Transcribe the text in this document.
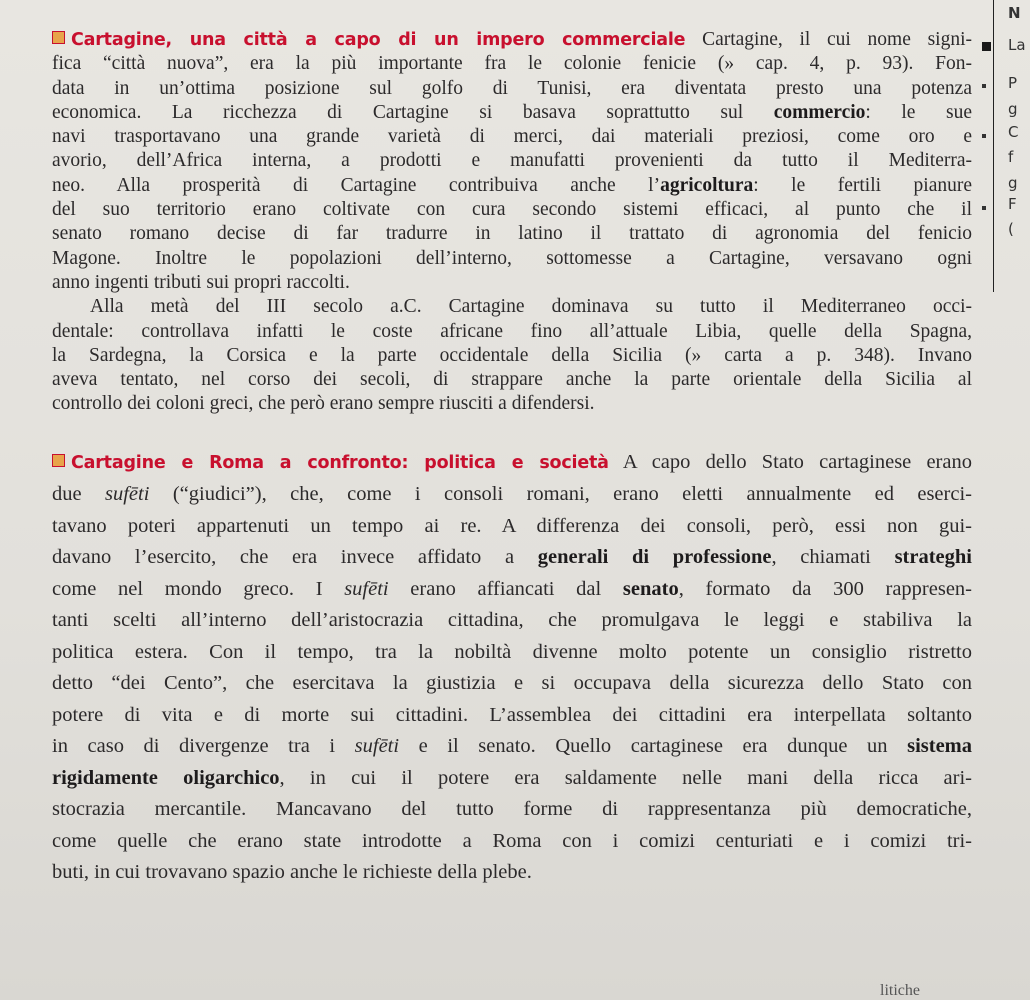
Cartagine, una città a capo di un impero commerciale Cartagine, il cui nome signi-
fica “città nuova”, era la più importante fra le colonie fenicie (» cap. 4, p. 93). Fon-
data in un’ottima posizione sul golfo di Tunisi, era diventata presto una potenza
economica. La ricchezza di Cartagine si basava soprattutto sul commercio: le sue
navi trasportavano una grande varietà di merci, dai materiali preziosi, come oro e
avorio, dell’Africa interna, a prodotti e manufatti provenienti da tutto il Mediterra-
neo. Alla prosperità di Cartagine contribuiva anche l’agricoltura: le fertili pianure
del suo territorio erano coltivate con cura secondo sistemi efficaci, al punto che il
senato romano decise di far tradurre in latino il trattato di agronomia del fenicio
Magone. Inoltre le popolazioni dell’interno, sottomesse a Cartagine, versavano ogni
anno ingenti tributi sui propri raccolti.
Alla metà del III secolo a.C. Cartagine dominava su tutto il Mediterraneo occi-
dentale: controllava infatti le coste africane fino all’attuale Libia, quelle della Spagna,
la Sardegna, la Corsica e la parte occidentale della Sicilia (» carta a p. 348). Invano
aveva tentato, nel corso dei secoli, di strappare anche la parte orientale della Sicilia al
controllo dei coloni greci, che però erano sempre riusciti a difendersi.
Cartagine e Roma a confronto: politica e società A capo dello Stato cartaginese erano
due sufēti (“giudici”), che, come i consoli romani, erano eletti annualmente ed eserci-
tavano poteri appartenuti un tempo ai re. A differenza dei consoli, però, essi non gui-
davano l’esercito, che era invece affidato a generali di professione, chiamati strateghi
come nel mondo greco. I sufēti erano affiancati dal senato, formato da 300 rappresen-
tanti scelti all’interno dell’aristocrazia cittadina, che promulgava le leggi e stabiliva la
politica estera. Con il tempo, tra la nobiltà divenne molto potente un consiglio ristretto
detto “dei Cento”, che esercitava la giustizia e si occupava della sicurezza dello Stato con
potere di vita e di morte sui cittadini. L’assemblea dei cittadini era interpellata soltanto
in caso di divergenze tra i sufēti e il senato. Quello cartaginese era dunque un sistema
rigidamente oligarchico, in cui il potere era saldamente nelle mani della ricca ari-
stocrazia mercantile. Mancavano del tutto forme di rappresentanza più democratiche,
come quelle che erano state introdotte a Roma con i comizi centuriati e i comizi tri-
buti, in cui trovavano spazio anche le richieste della plebe.
N
La
P
g
C
f
g
F
(
litiche
